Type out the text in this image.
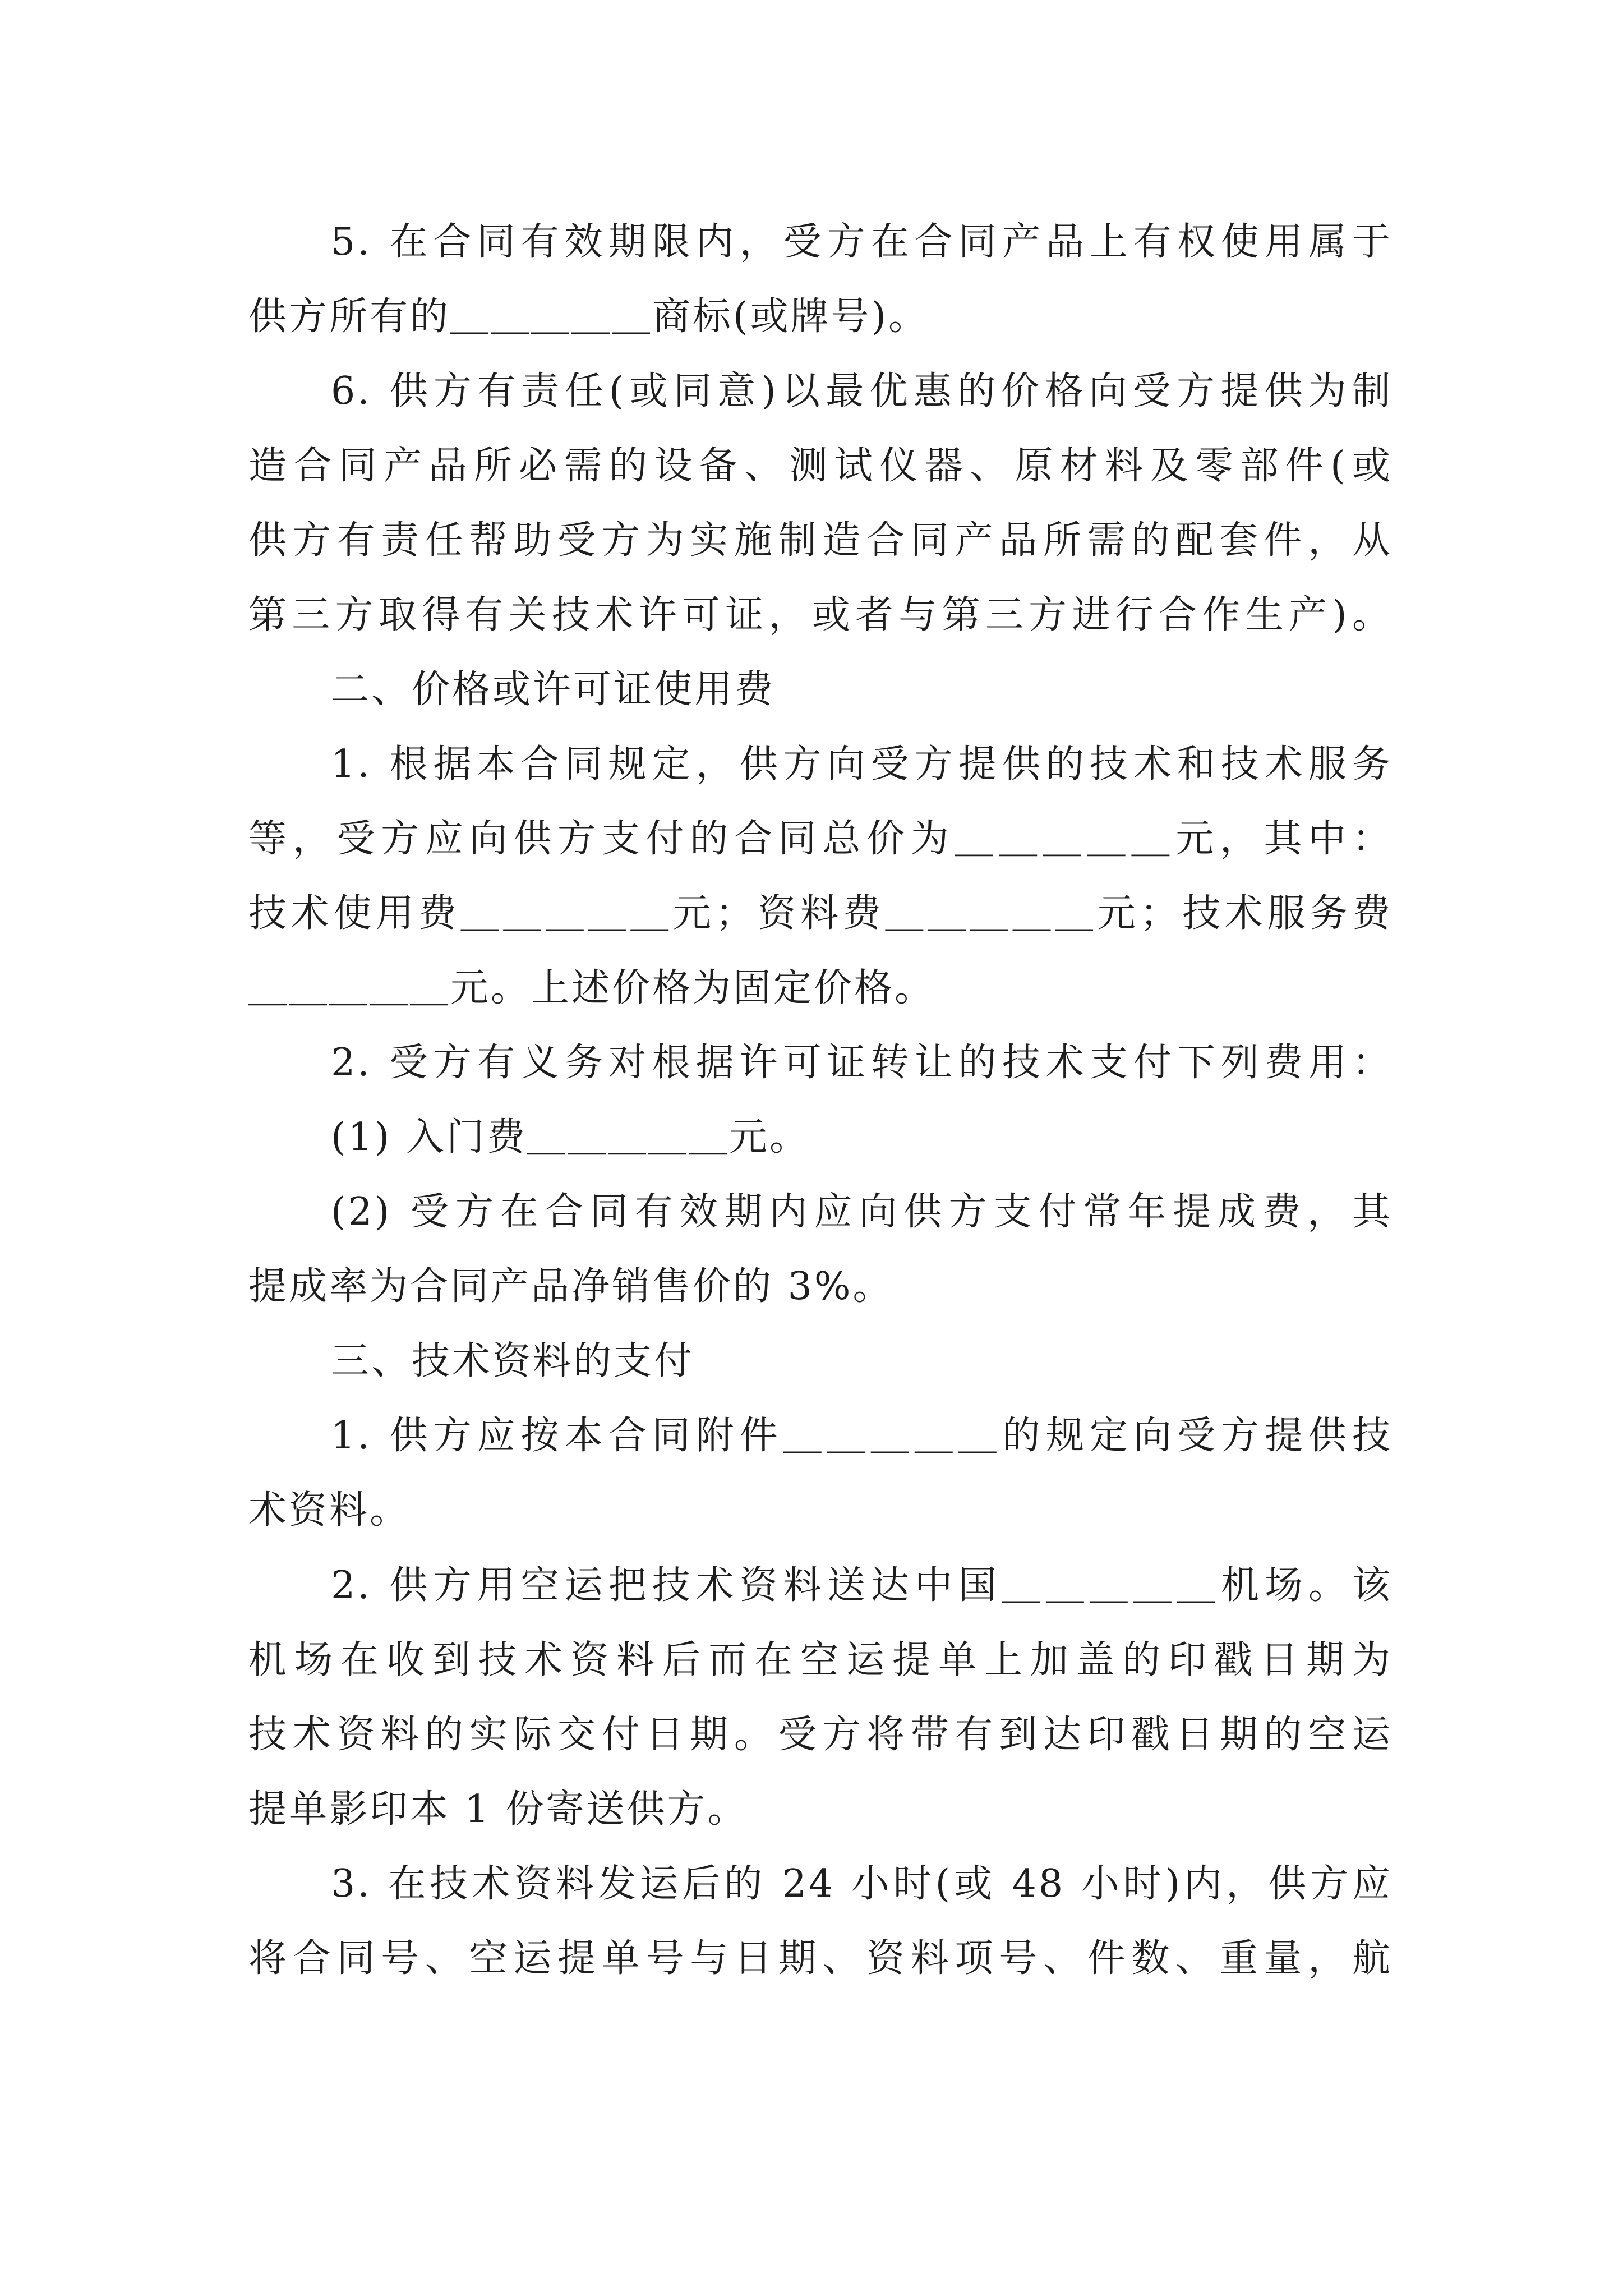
5. 在合同有效期限内，受方在合同产品上有权使用属于
供方所有的＿＿＿＿＿商标(或牌号)。
6. 供方有责任(或同意)以最优惠的价格向受方提供为制
造合同产品所必需的设备、测试仪器、原材料及零部件(或
供方有责任帮助受方为实施制造合同产品所需的配套件，从
第三方取得有关技术许可证，或者与第三方进行合作生产)。
二、价格或许可证使用费
1. 根据本合同规定，供方向受方提供的技术和技术服务
等，受方应向供方支付的合同总价为＿＿＿＿＿元，其中：
技术使用费＿＿＿＿＿元；资料费＿＿＿＿＿元；技术服务费
＿＿＿＿＿元。上述价格为固定价格。
2. 受方有义务对根据许可证转让的技术支付下列费用：
(1) 入门费＿＿＿＿＿元。
(2) 受方在合同有效期内应向供方支付常年提成费，其
提成率为合同产品净销售价的 3%。
三、技术资料的支付
1. 供方应按本合同附件＿＿＿＿＿的规定向受方提供技
术资料。
2. 供方用空运把技术资料送达中国＿＿＿＿＿机场。该
机场在收到技术资料后而在空运提单上加盖的印戳日期为
技术资料的实际交付日期。受方将带有到达印戳日期的空运
提单影印本 1 份寄送供方。
3. 在技术资料发运后的 24 小时(或 48 小时)内，供方应
将合同号、空运提单号与日期、资料项号、件数、重量，航
